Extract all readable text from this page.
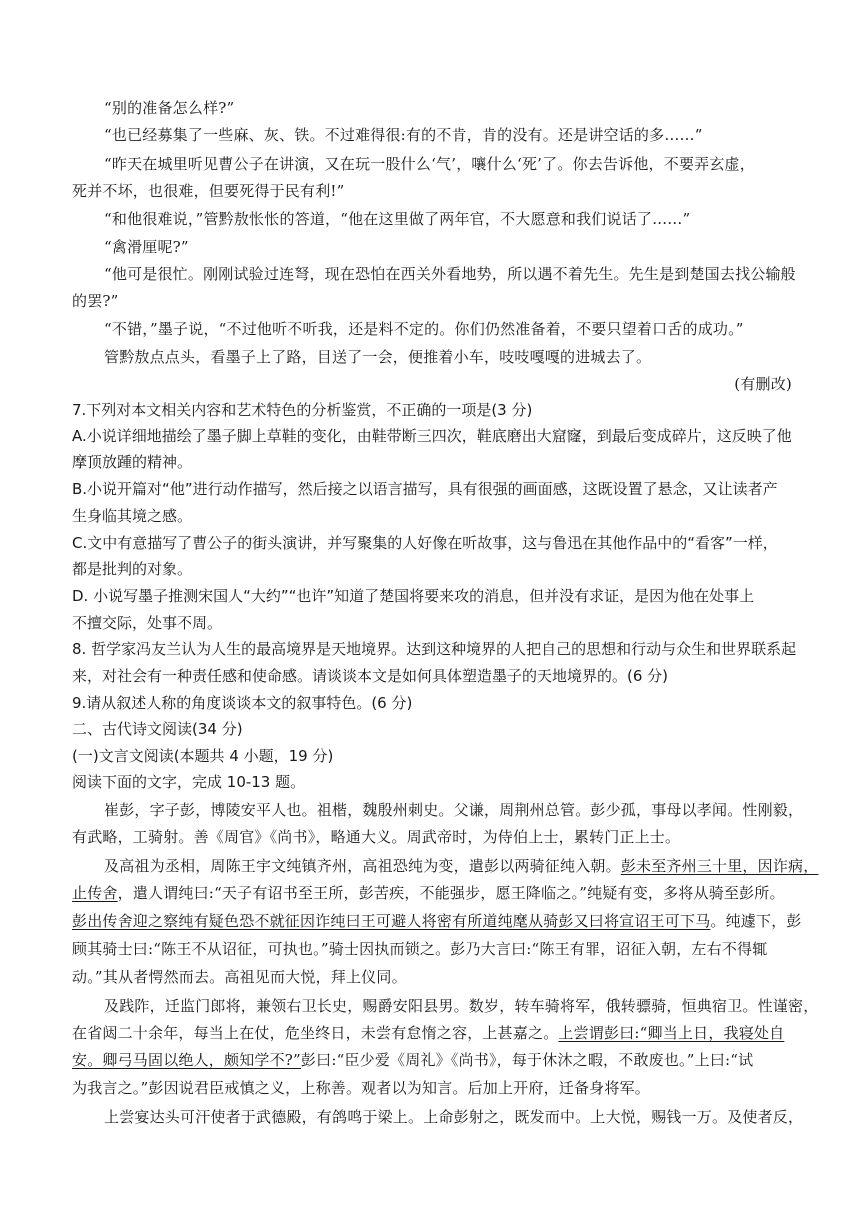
“别的准备怎么样?”
“也已经募集了一些麻、灰、铁。不过难得很:有的不肯，肯的没有。还是讲空话的多……”
“昨天在城里听见曹公子在讲演，又在玩一股什么‘气’，嚷什么‘死’了。你去告诉他，不要弄玄虚，
死并不坏，也很难，但要死得于民有利!”
“和他很难说，”管黔敖怅怅的答道，“他在这里做了两年官，不大愿意和我们说话了……”
“禽滑厘呢?”
“他可是很忙。刚刚试验过连弩，现在恐怕在西关外看地势，所以遇不着先生。先生是到楚国去找公输般
的罢?”
“不错，”墨子说，“不过他听不听我，还是料不定的。你们仍然准备着，不要只望着口舌的成功。”
管黔敖点点头，看墨子上了路，目送了一会，便推着小车，吱吱嘎嘎的进城去了。
(有删改)
7.下列对本文相关内容和艺术特色的分析鉴赏，不正确的一项是(3 分)
A.小说详细地描绘了墨子脚上草鞋的变化，由鞋带断三四次，鞋底磨出大窟窿，到最后变成碎片，这反映了他
摩顶放踵的精神。
B.小说开篇对“他”进行动作描写，然后接之以语言描写，具有很强的画面感，这既设置了悬念，又让读者产
生身临其境之感。
C.文中有意描写了曹公子的街头演讲，并写聚集的人好像在听故事，这与鲁迅在其他作品中的“看客”一样，
都是批判的对象。
D. 小说写墨子推测宋国人“大约”“也许”知道了楚国将要来攻的消息，但并没有求证，是因为他在处事上
不擅交际，处事不周。
8. 哲学家冯友兰认为人生的最高境界是天地境界。达到这种境界的人把自己的思想和行动与众生和世界联系起
来，对社会有一种责任感和使命感。请谈谈本文是如何具体塑造墨子的天地境界的。(6 分)
9.请从叙述人称的角度谈谈本文的叙事特色。(6 分)
二、古代诗文阅读(34 分)
(一)文言文阅读(本题共 4 小题，19 分)
阅读下面的文字，完成 10-13 题。
崔彭，字子彭，博陵安平人也。祖楷，魏殷州刺史。父谦，周荆州总管。彭少孤，事母以孝闻。性刚毅，
有武略，工骑射。善《周官》《尚书》，略通大义。周武帝时，为侍伯上士，累转门正上士。
及高祖为丞相，周陈王宇文纯镇齐州，高祖恐纯为变，遣彭以两骑征纯入朝。彭未至齐州三十里，因诈病，
止传舍，遣人谓纯曰:“天子有诏书至王所，彭苦疾，不能强步，愿王降临之。”纯疑有变，多将从骑至彭所。
彭出传舍迎之察纯有疑色恐不就征因诈纯曰王可避人将密有所道纯麾从骑彭又曰将宣诏王可下马。纯遽下，彭
顾其骑士曰:“陈王不从诏征，可执也。”骑士因执而锁之。彭乃大言曰:“陈王有罪，诏征入朝，左右不得辄
动。”其从者愕然而去。高祖见而大悦，拜上仪同。
及践阼，迁监门郎将，兼领右卫长史，赐爵安阳县男。数岁，转车骑将军，俄转骠骑，恒典宿卫。性谨密，
在省闼二十余年，每当上在仗，危坐终日，未尝有怠惰之容，上甚嘉之。上尝谓彭曰:“卿当上日，我寝处自
安。卿弓马固以绝人，颇知学不?”彭曰:“臣少爱《周礼》《尚书》，每于休沐之暇，不敢废也。”上曰:“试
为我言之。”彭因说君臣戒慎之义，上称善。观者以为知言。后加上开府，迁备身将军。
上尝宴达头可汗使者于武德殿，有鸽鸣于梁上。上命彭射之，既发而中。上大悦，赐钱一万。及使者反，
